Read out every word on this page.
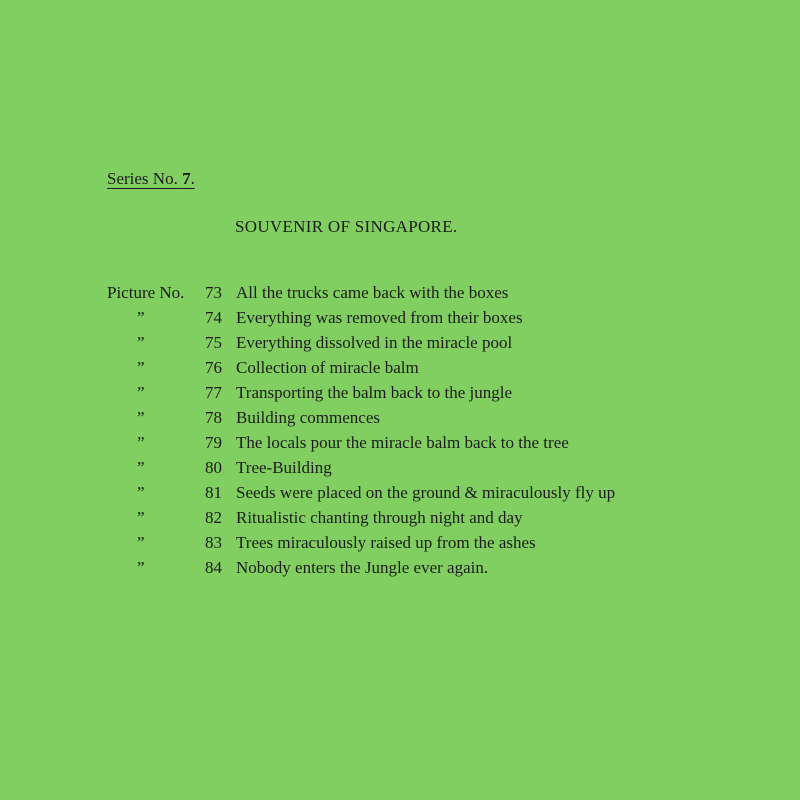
Series No. 7.
SOUVENIR OF SINGAPORE.
Picture No. 73 All the trucks came back with the boxes
”	74 Everything was removed from their boxes
”	75 Everything dissolved in the miracle pool
”	76 Collection of miracle balm
”	77 Transporting the balm back to the jungle
”	78 Building commences
”	79 The locals pour the miracle balm back to the tree
”	80 Tree-Building
”	81 Seeds were placed on the ground & miraculously fly up
”	82 Ritualistic chanting through night and day
”	83 Trees miraculously raised up from the ashes
”	84 Nobody enters the Jungle ever again.
